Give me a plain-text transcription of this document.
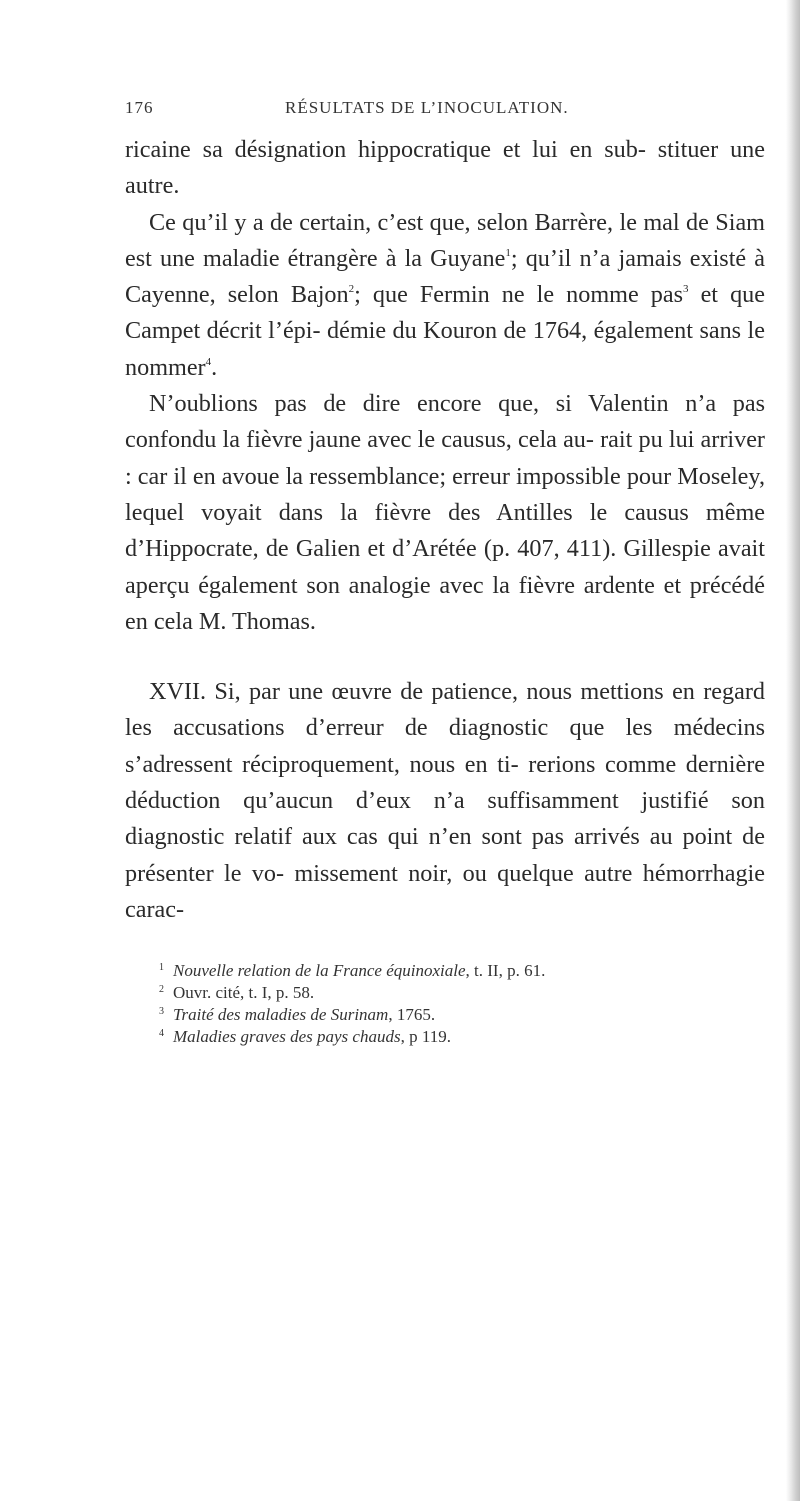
176	RÉSULTATS DE L’INOCULATION.

ricaine sa désignation hippocratique et lui en sub- stituer une autre.

Ce qu’il y a de certain, c’est que, selon Barrère, le mal de Siam est une maladie étrangère à la Guyane$^1$; qu’il n’a jamais existé à Cayenne, selon Bajon$^2$; que Fermin ne le nomme pas$^3$ et que Campet décrit l’épi- démie du Kouron de 1764, également sans le nommer$^4$.

N’oublions pas de dire encore que, si Valentin n’a pas confondu la fièvre jaune avec le causus, cela au- rait pu lui arriver : car il en avoue la ressemblance; erreur impossible pour Moseley, lequel voyait dans la fièvre des Antilles le causus même d’Hippocrate, de Galien et d’Arétée (p. 407, 411). Gillespie avait aperçu également son analogie avec la fièvre ardente et précédé en cela M. Thomas.

XVII. Si, par une œuvre de patience, nous mettions en regard les accusations d’erreur de diagnostic que les médecins s’adressent réciproquement, nous en ti- rerions comme dernière déduction qu’aucun d’eux n’a suffisamment justifié son diagnostic relatif aux cas qui n’en sont pas arrivés au point de présenter le vo- missement noir, ou quelque autre hémorrhagie carac-

1 Nouvelle relation de la France équinoxiale, t. II, p. 61.
2 Ouvr. cité, t. I, p. 58.
3 Traité des maladies de Surinam, 1765.
4 Maladies graves des pays chauds, p 119.
